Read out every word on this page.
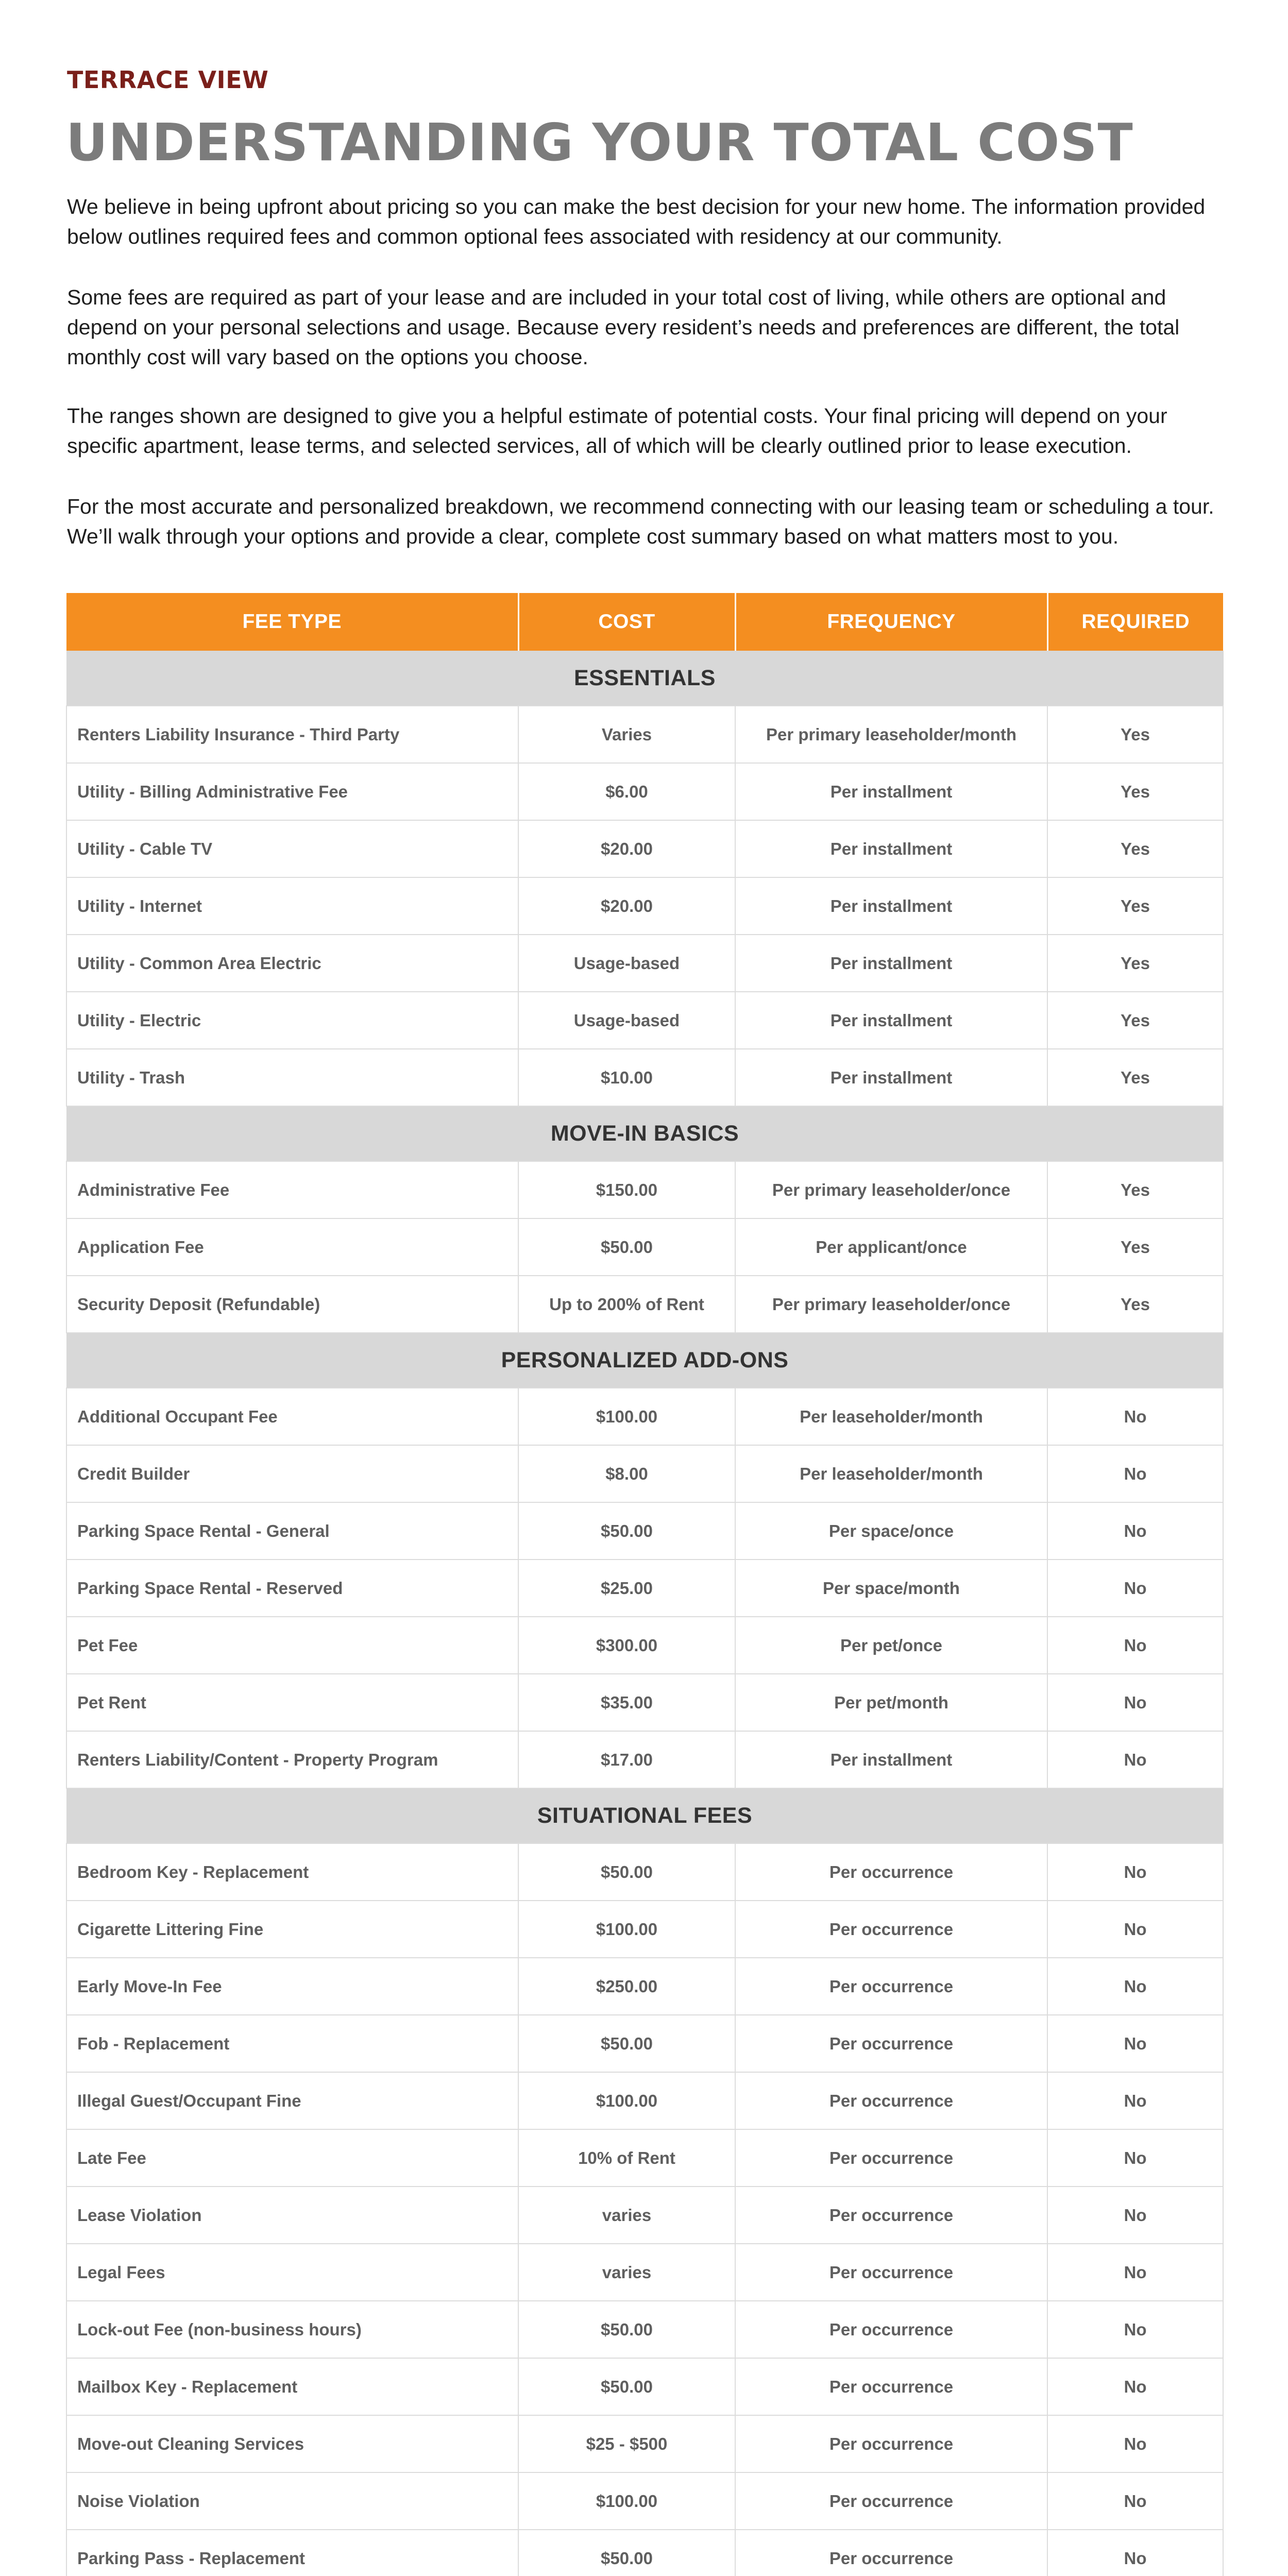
TERRACE VIEW
UNDERSTANDING YOUR TOTAL COST

We believe in being upfront about pricing so you can make the best decision for your new home. The information provided below outlines required fees and common optional fees associated with residency at our community.

Some fees are required as part of your lease and are included in your total cost of living, while others are optional and depend on your personal selections and usage. Because every resident’s needs and preferences are different, the total monthly cost will vary based on the options you choose.

The ranges shown are designed to give you a helpful estimate of potential costs. Your final pricing will depend on your specific apartment, lease terms, and selected services, all of which will be clearly outlined prior to lease execution.

For the most accurate and personalized breakdown, we recommend connecting with our leasing team or scheduling a tour. We’ll walk through your options and provide a clear, complete cost summary based on what matters most to you.

FEE TYPE	COST	FREQUENCY	REQUIRED
ESSENTIALS			
Renters Liability Insurance - Third Party	Varies	Per primary leaseholder/month	Yes
Utility - Billing Administrative Fee	$6.00	Per installment	Yes
Utility - Cable TV	$20.00	Per installment	Yes
Utility - Internet	$20.00	Per installment	Yes
Utility - Common Area Electric	Usage-based	Per installment	Yes
Utility - Electric	Usage-based	Per installment	Yes
Utility - Trash	$10.00	Per installment	Yes
MOVE-IN BASICS			
Administrative Fee	$150.00	Per primary leaseholder/once	Yes
Application Fee	$50.00	Per applicant/once	Yes
Security Deposit (Refundable)	Up to 200% of Rent	Per primary leaseholder/once	Yes
PERSONALIZED ADD-ONS			
Additional Occupant Fee	$100.00	Per leaseholder/month	No
Credit Builder	$8.00	Per leaseholder/month	No
Parking Space Rental - General	$50.00	Per space/once	No
Parking Space Rental - Reserved	$25.00	Per space/month	No
Pet Fee	$300.00	Per pet/once	No
Pet Rent	$35.00	Per pet/month	No
Renters Liability/Content - Property Program	$17.00	Per installment	No
SITUATIONAL FEES			
Bedroom Key - Replacement	$50.00	Per occurrence	No
Cigarette Littering Fine	$100.00	Per occurrence	No
Early Move-In Fee	$250.00	Per occurrence	No
Fob - Replacement	$50.00	Per occurrence	No
Illegal Guest/Occupant Fine	$100.00	Per occurrence	No
Late Fee	10% of Rent	Per occurrence	No
Lease Violation	varies	Per occurrence	No
Legal Fees	varies	Per occurrence	No
Lock-out Fee (non-business hours)	$50.00	Per occurrence	No
Mailbox Key - Replacement	$50.00	Per occurrence	No
Move-out Cleaning Services	$25 - $500	Per occurrence	No
Noise Violation	$100.00	Per occurrence	No
Parking Pass - Replacement	$50.00	Per occurrence	No
